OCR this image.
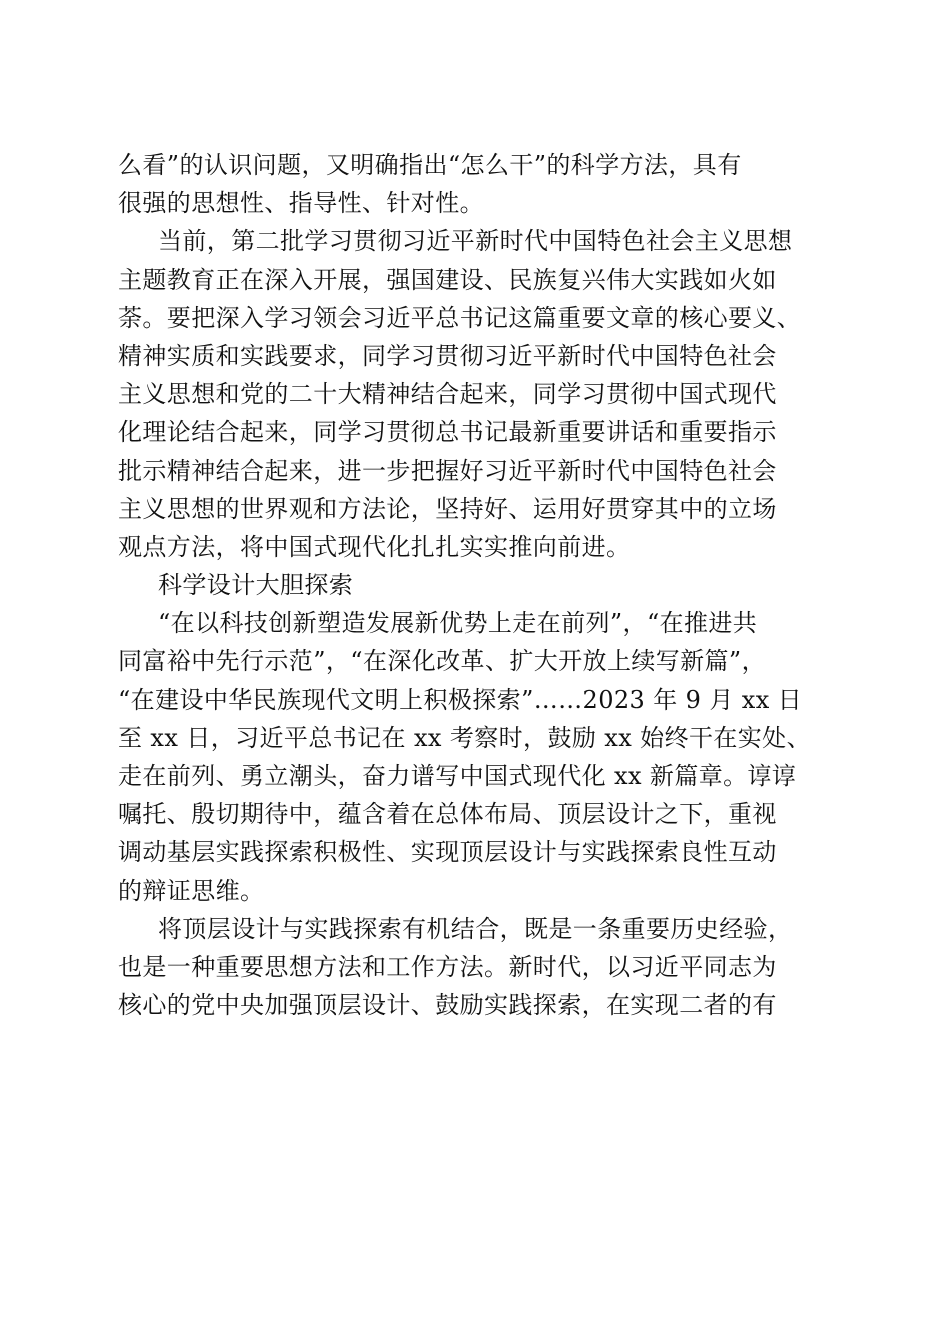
么看”的认识问题，又明确指出“怎么干”的科学方法，具有
很强的思想性、指导性、针对性。
当前，第二批学习贯彻习近平新时代中国特色社会主义思想
主题教育正在深入开展，强国建设、民族复兴伟大实践如火如
荼。要把深入学习领会习近平总书记这篇重要文章的核心要义、
精神实质和实践要求，同学习贯彻习近平新时代中国特色社会
主义思想和党的二十大精神结合起来，同学习贯彻中国式现代
化理论结合起来，同学习贯彻总书记最新重要讲话和重要指示
批示精神结合起来，进一步把握好习近平新时代中国特色社会
主义思想的世界观和方法论，坚持好、运用好贯穿其中的立场
观点方法，将中国式现代化扎扎实实推向前进。
科学设计大胆探索
“在以科技创新塑造发展新优势上走在前列”，“在推进共
同富裕中先行示范”，“在深化改革、扩大开放上续写新篇”，
“在建设中华民族现代文明上积极探索”……2023 年 9 月 xx 日
至 xx 日，习近平总书记在 xx 考察时，鼓励 xx 始终干在实处、
走在前列、勇立潮头，奋力谱写中国式现代化 xx 新篇章。谆谆
嘱托、殷切期待中，蕴含着在总体布局、顶层设计之下，重视
调动基层实践探索积极性、实现顶层设计与实践探索良性互动
的辩证思维。
将顶层设计与实践探索有机结合，既是一条重要历史经验，
也是一种重要思想方法和工作方法。新时代，以习近平同志为
核心的党中央加强顶层设计、鼓励实践探索，在实现二者的有
